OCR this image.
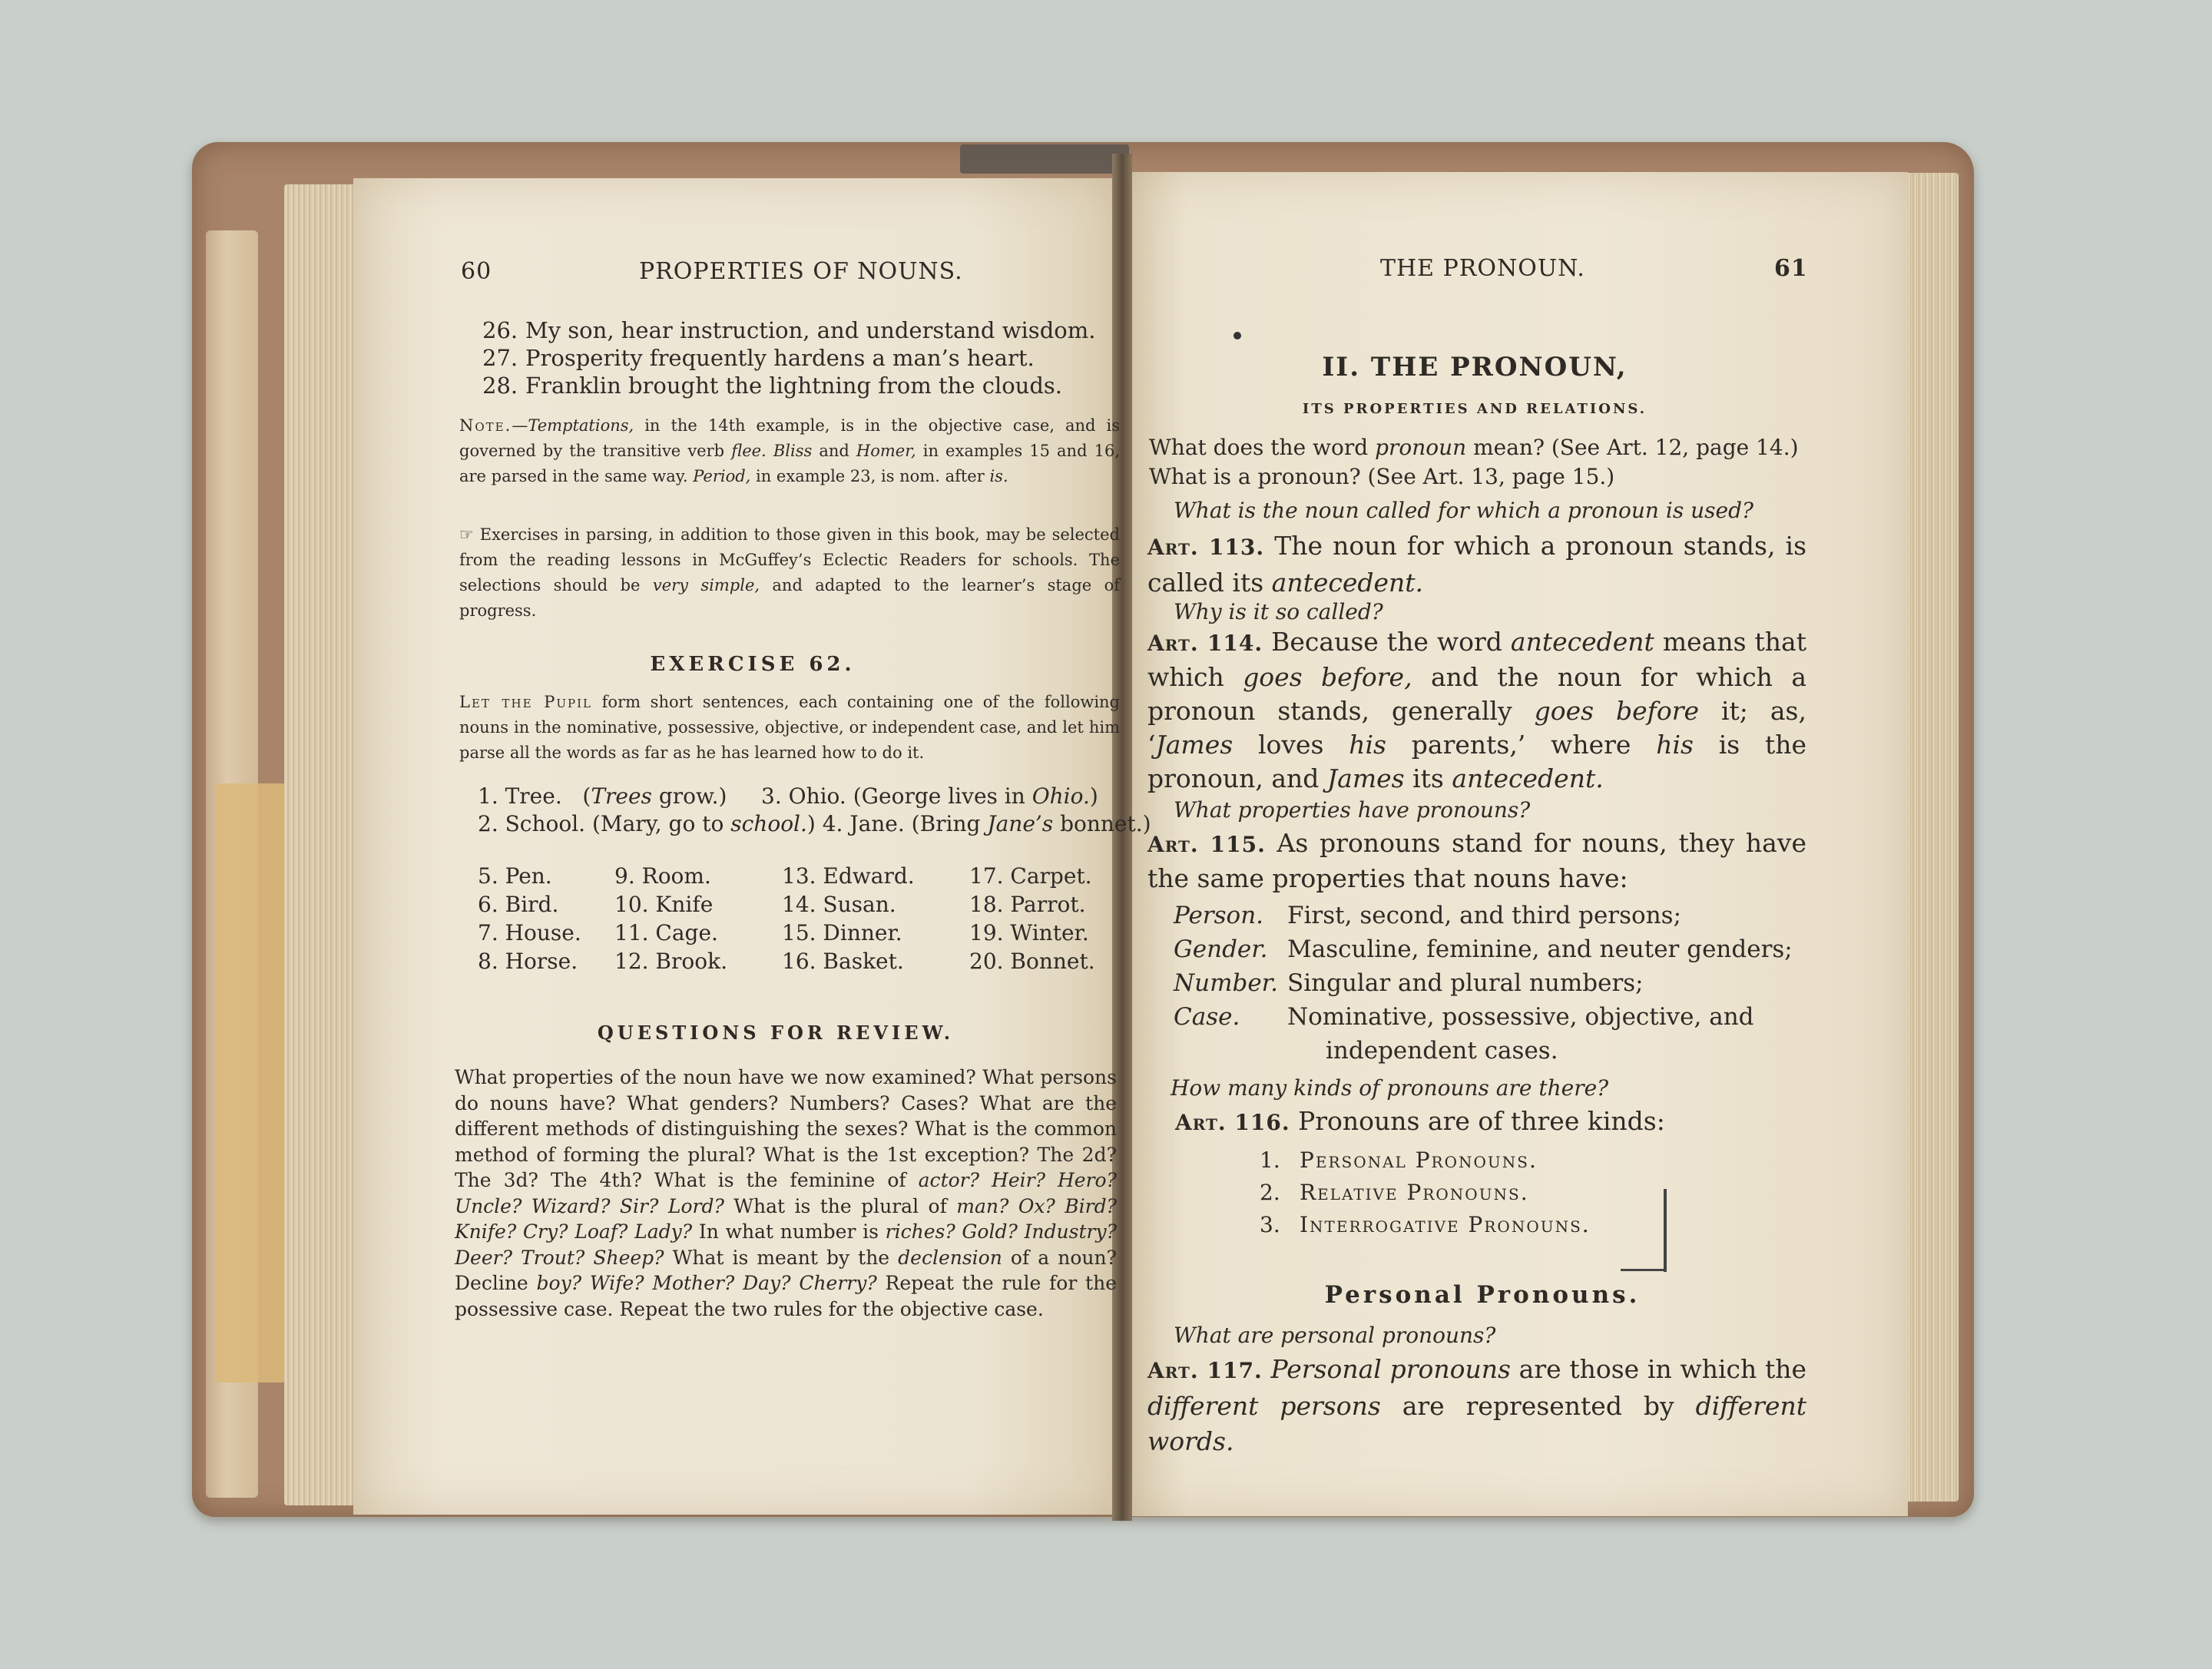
60	PROPERTIES OF NOUNS.
26. My son, hear instruction, and understand wisdom.
27. Prosperity frequently hardens a man’s heart.
28. Franklin brought the lightning from the clouds.
Note.—Temptations, in the 14th example, is in the objective case, and is governed by the transitive verb flee. Bliss and Homer, in examples 15 and 16, are parsed in the same way. Period, in example 23, is nom. after is.
☞ Exercises in parsing, in addition to those given in this book, may be selected from the reading lessons in McGuffey’s Eclectic Readers for schools. The selections should be very simple, and adapted to the learner’s stage of progress.
EXERCISE 62.
Let the Pupil form short sentences, each containing one of the following nouns in the nominative, possessive, objective, or independent case, and let him parse all the words as far as he has learned how to do it.
1. Tree. (Trees grow.) 3. Ohio. (George lives in Ohio.)
2. School. (Mary, go to school.) 4. Jane. (Bring Jane’s bonnet.)
5. Pen.
6. Bird.
7. House.
8. Horse.
9. Room.
10. Knife
11. Cage.
12. Brook.
13. Edward.
14. Susan.
15. Dinner.
16. Basket.
17. Carpet.
18. Parrot.
19. Winter.
20. Bonnet.
QUESTIONS FOR REVIEW.
What properties of the noun have we now examined? What persons do nouns have? What genders? Numbers? Cases? What are the different methods of distinguishing the sexes? What is the common method of forming the plural? What is the 1st exception? The 2d? The 3d? The 4th? What is the feminine of actor? Heir? Hero? Uncle? Wizard? Sir? Lord? What is the plural of man? Ox? Bird? Knife? Cry? Loaf? Lady? In what number is riches? Gold? Industry? Deer? Trout? Sheep? What is meant by the declension of a noun? Decline boy? Wife? Mother? Day? Cherry? Repeat the rule for the possessive case. Repeat the two rules for the objective case.
THE PRONOUN.	61
II. THE PRONOUN,
ITS PROPERTIES AND RELATIONS.
What does the word pronoun mean? (See Art. 12, page 14.)
What is a pronoun? (See Art. 13, page 15.)
What is the noun called for which a pronoun is used?
Art. 113. The noun for which a pronoun stands, is called its antecedent.
Why is it so called?
Art. 114. Because the word antecedent means that which goes before, and the noun for which a pronoun stands, generally goes before it; as, ‘James loves his parents,’ where his is the pronoun, and James its antecedent.
What properties have pronouns?
Art. 115. As pronouns stand for nouns, they have the same properties that nouns have:
Person. First, second, and third persons;
Gender. Masculine, feminine, and neuter genders;
Number. Singular and plural numbers;
Case. Nominative, possessive, objective, and
independent cases.
How many kinds of pronouns are there?
Art. 116. Pronouns are of three kinds:
1. Personal Pronouns.
2. Relative Pronouns.
3. Interrogative Pronouns.
Personal Pronouns.
What are personal pronouns?
Art. 117. Personal pronouns are those in which the different persons are represented by different words.
